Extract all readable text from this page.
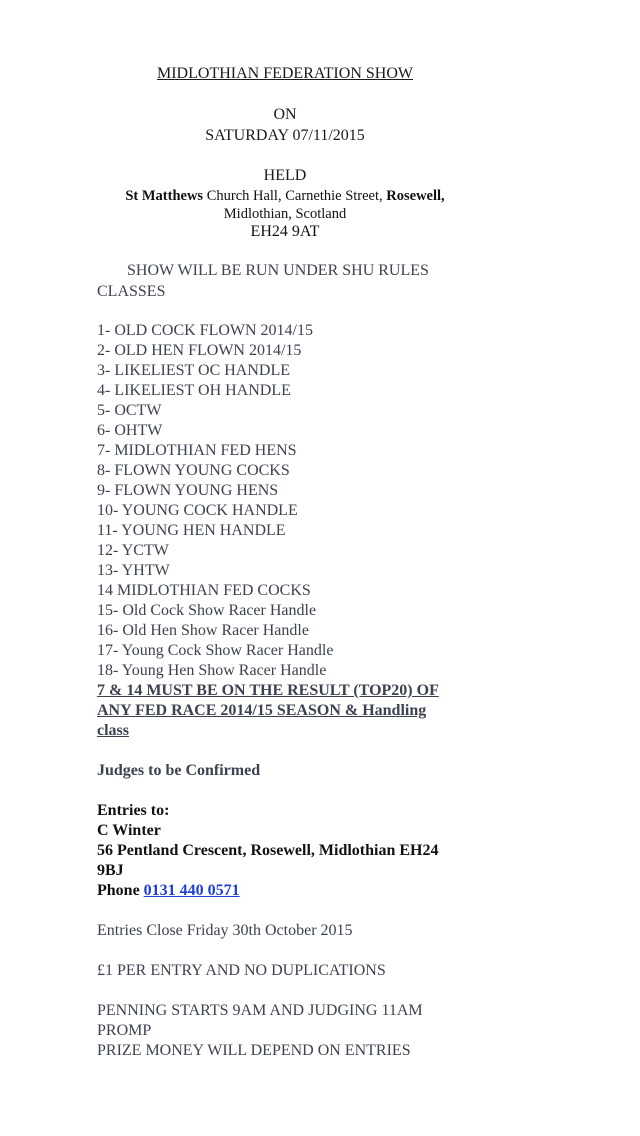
MIDLOTHIAN FEDERATION SHOW
ON
SATURDAY 07/11/2015
HELD
St Matthews Church Hall, Carnethie Street, Rosewell,
Midlothian, Scotland
EH24 9AT
SHOW WILL BE RUN UNDER SHU RULES
CLASSES
1- OLD COCK FLOWN 2014/15
2- OLD HEN FLOWN 2014/15
3- LIKELIEST OC HANDLE
4- LIKELIEST OH HANDLE
5- OCTW
6- OHTW
7- MIDLOTHIAN FED HENS
8- FLOWN YOUNG COCKS
9- FLOWN YOUNG HENS
10- YOUNG COCK HANDLE
11- YOUNG HEN HANDLE
12- YCTW
13- YHTW
14 MIDLOTHIAN FED COCKS
15- Old Cock Show Racer Handle
16- Old Hen Show Racer Handle
17- Young Cock Show Racer Handle
18- Young Hen Show Racer Handle
7 & 14 MUST BE ON THE RESULT (TOP20) OF
ANY FED RACE 2014/15 SEASON & Handling
class
Judges to be Confirmed
Entries to:
C Winter
56 Pentland Crescent, Rosewell, Midlothian EH24
9BJ
Phone 0131 440 0571
Entries Close Friday 30th October 2015
£1 PER ENTRY AND NO DUPLICATIONS
PENNING STARTS 9AM AND JUDGING 11AM
PROMP
PRIZE MONEY WILL DEPEND ON ENTRIES
